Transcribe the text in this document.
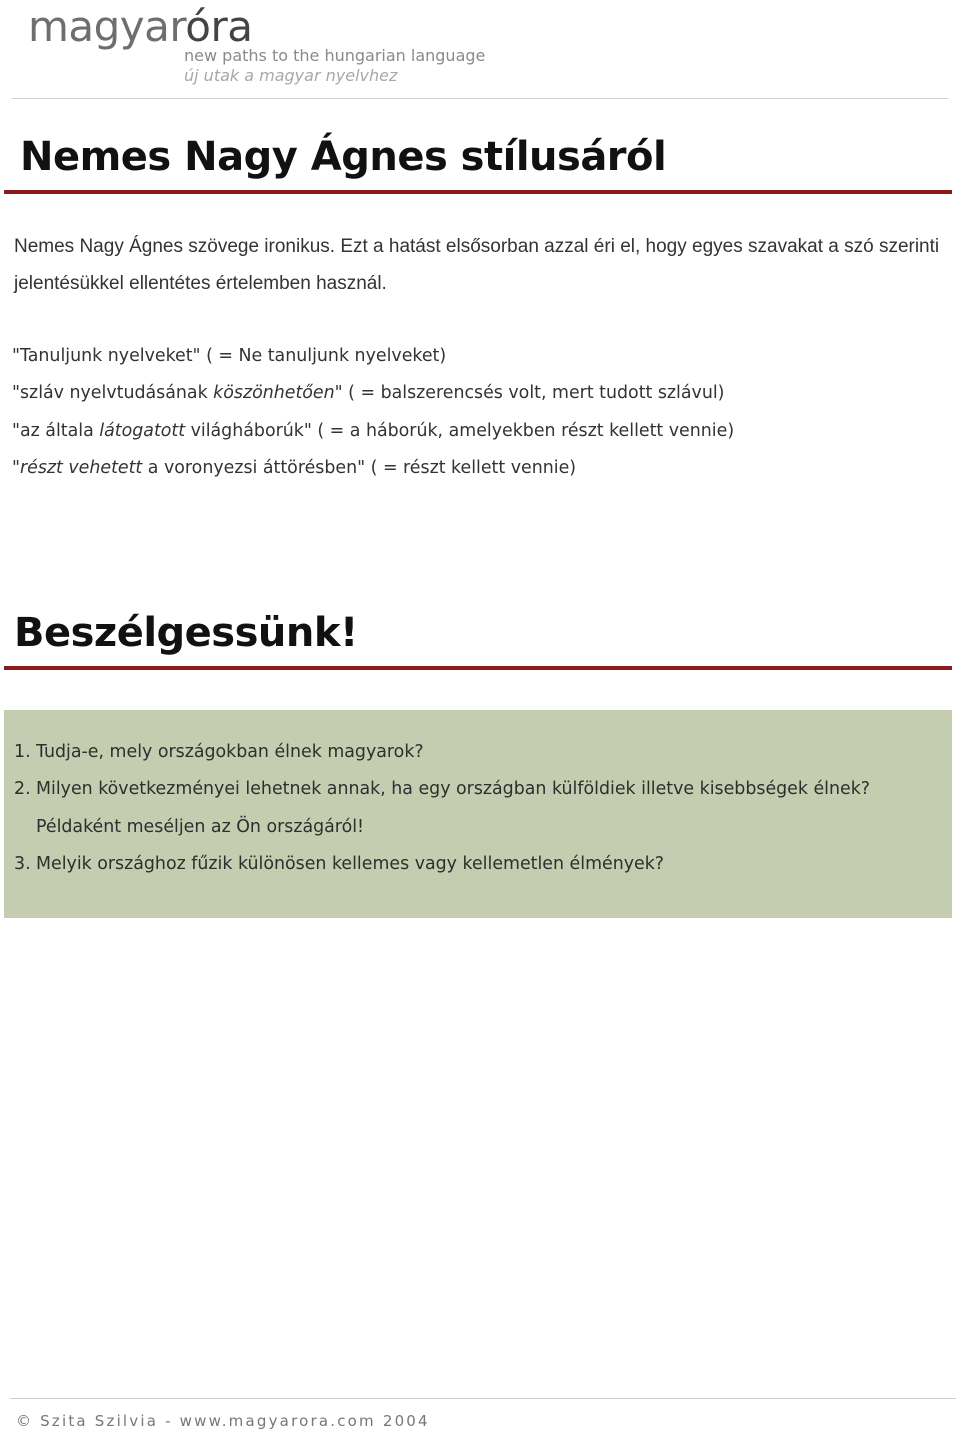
magyaróra
new paths to the hungarian language
új utak a magyar nyelvhez
Nemes Nagy Ágnes stílusáról

Nemes Nagy Ágnes szövege ironikus. Ezt a hatást elsősorban azzal éri el, hogy egyes szavakat a szó szerinti jelentésükkel ellentétes értelemben használ.

"Tanuljunk nyelveket" ( = Ne tanuljunk nyelveket)
"szláv nyelvtudásának köszönhetően" ( = balszerencsés volt, mert tudott szlávul)
"az általa látogatott világháborúk" ( = a háborúk, amelyekben részt kellett vennie)
"részt vehetett a voronyezsi áttörésben" ( = részt kellett vennie)
Beszélgessünk!
1. Tudja-e, mely országokban élnek magyarok?
2. Milyen következményei lehetnek annak, ha egy országban külföldiek illetve kisebbségek élnek? Példaként meséljen az Ön országáról!
3. Melyik országhoz fűzik különösen kellemes vagy kellemetlen élmények?

© Szita Szilvia - www.magyarora.com 2004
